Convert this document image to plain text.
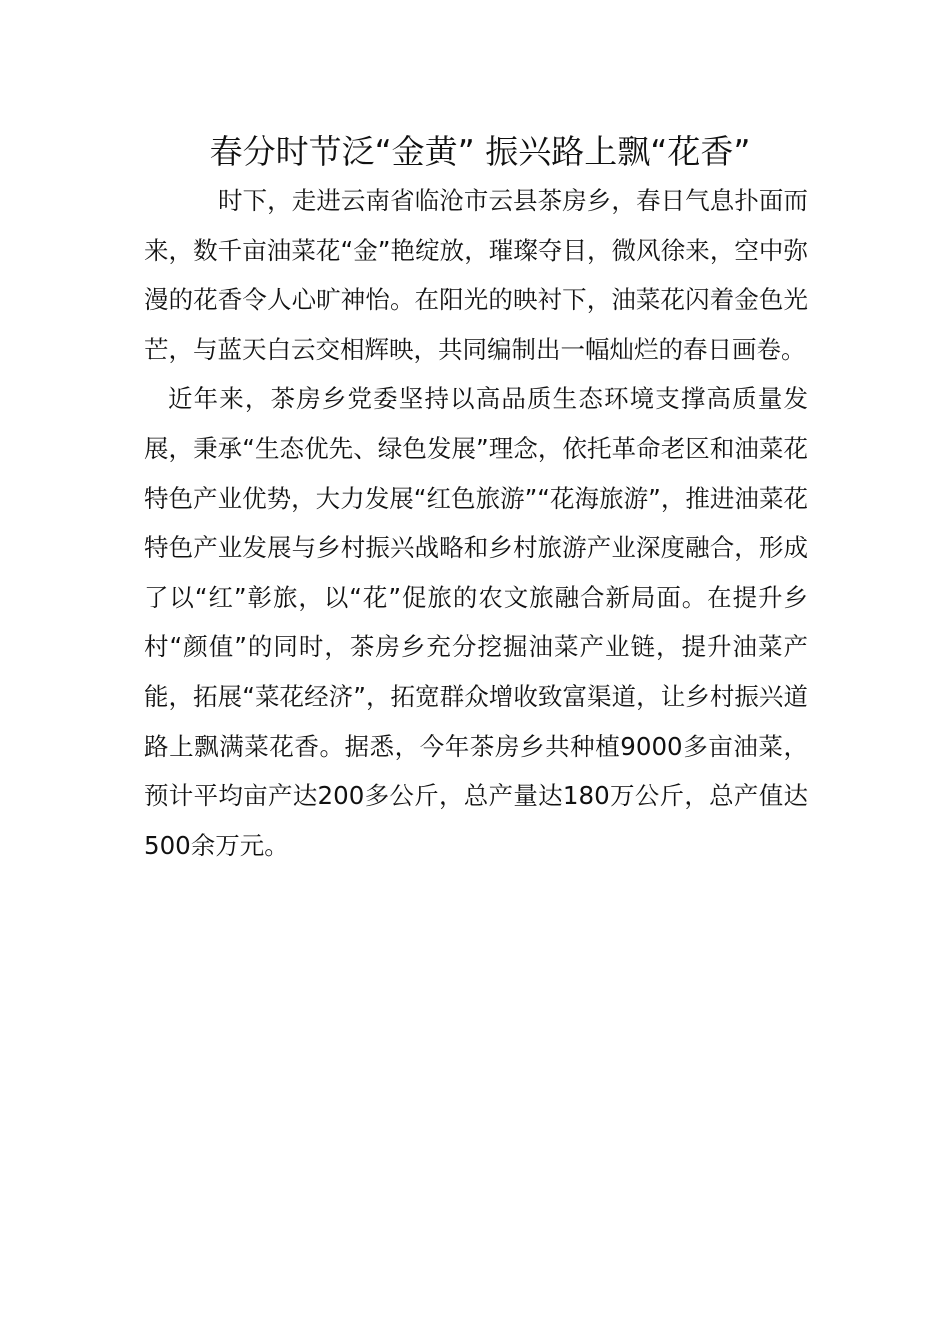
春分时节泛“金黄” 振兴路上飘“花香”

时下，走进云南省临沧市云县茶房乡，春日气息扑面而来，数千亩油菜花“金”艳绽放，璀璨夺目，微风徐来，空中弥漫的花香令人心旷神怡。在阳光的映衬下，油菜花闪着金色光芒，与蓝天白云交相辉映，共同编制出一幅灿烂的春日画卷。

近年来，茶房乡党委坚持以高品质生态环境支撑高质量发展，秉承“生态优先、绿色发展”理念，依托革命老区和油菜花特色产业优势，大力发展“红色旅游”“花海旅游”，推进油菜花特色产业发展与乡村振兴战略和乡村旅游产业深度融合，形成了以“红”彰旅，以“花”促旅的农文旅融合新局面。在提升乡村“颜值”的同时，茶房乡充分挖掘油菜产业链，提升油菜产能，拓展“菜花经济”，拓宽群众增收致富渠道，让乡村振兴道路上飘满菜花香。据悉，今年茶房乡共种植9000多亩油菜，预计平均亩产达200多公斤，总产量达180万公斤，总产值达500余万元。
